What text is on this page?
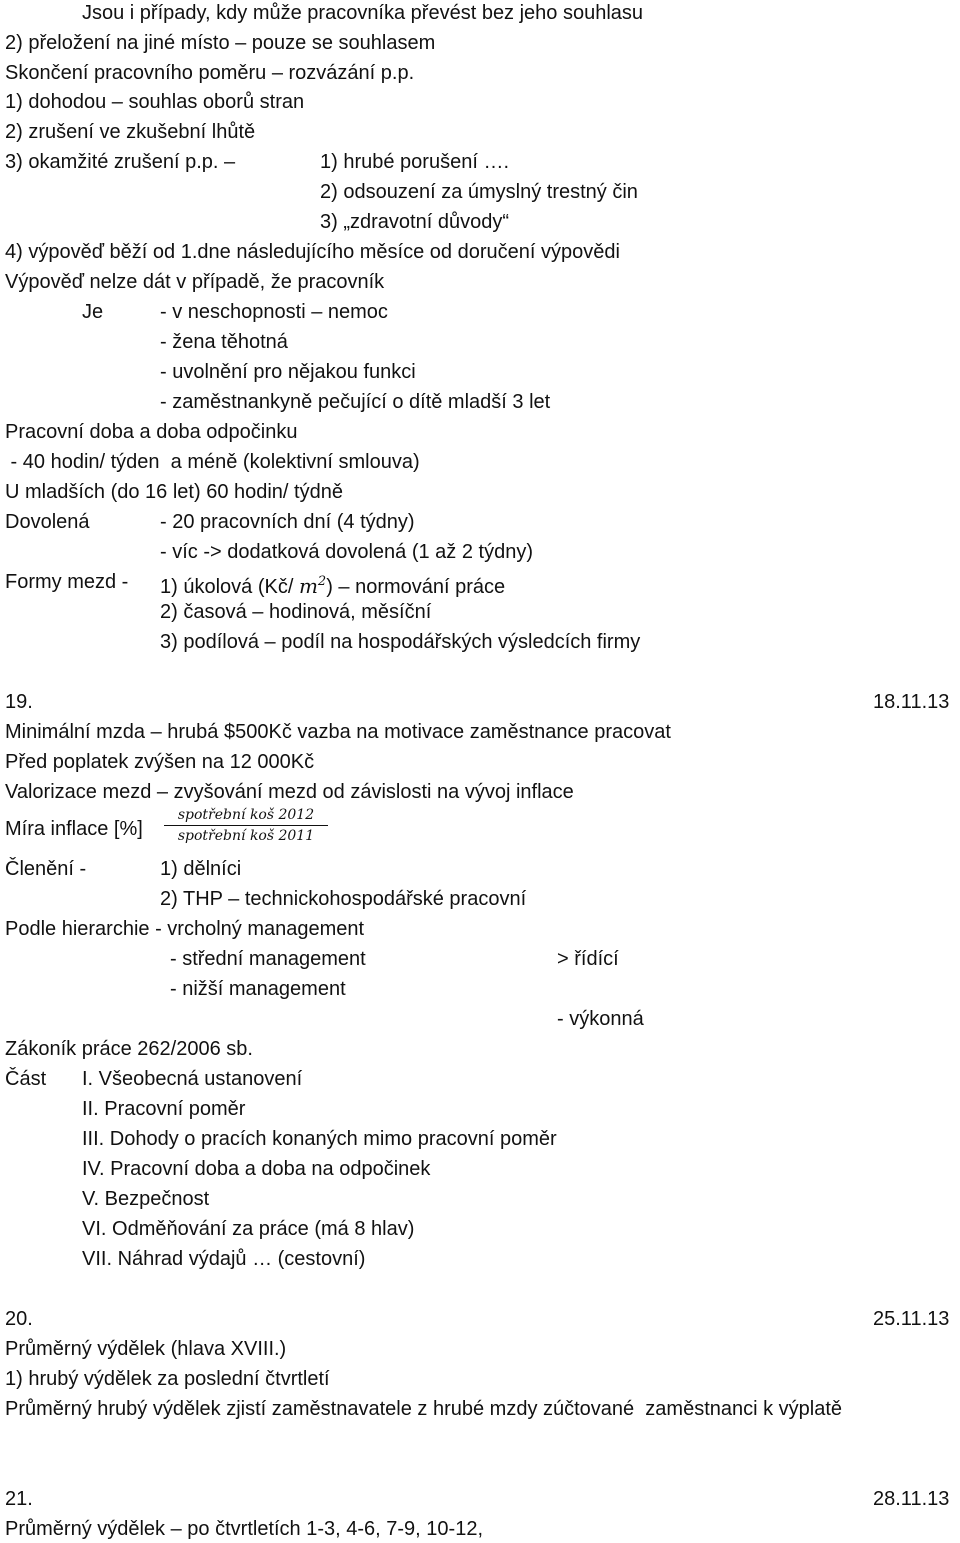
Jsou i případy, kdy může pracovníka převést bez jeho souhlasu
2) přeložení na jiné místo – pouze se souhlasem
Skončení pracovního poměru – rozvázání p.p.
1) dohodou – souhlas oborů stran
2) zrušení ve zkušební lhůtě
3) okamžité zrušení p.p. –	1) hrubé porušení ….
2) odsouzení za úmyslný trestný čin
3) „zdravotní důvody“
4) výpověď běží od 1.dne následujícího měsíce od doručení výpovědi
Výpověď nelze dát v případě, že pracovník
Je	- v neschopnosti – nemoc
- žena těhotná
- uvolnění pro nějakou funkci
- zaměstnankyně pečující o dítě mladší 3 let
Pracovní doba a doba odpočinku
- 40 hodin/ týden  a méně (kolektivní smlouva)
U mladších (do 16 let) 60 hodin/ týdně
Dovolená	- 20 pracovních dní (4 týdny)
- víc -> dodatková dovolená (1 až 2 týdny)
Formy mezd - 1) úkolová (Kč/ $m^2$) – normování práce
2) časová – hodinová, měsíční
3) podílová – podíl na hospodářských výsledcích firmy
19.	18.11.13
Minimální mzda – hrubá $500Kč vazba na motivace zaměstnance pracovat
Před poplatek zvýšen na 12 000Kč
Valorizace mezd – zvyšování mezd od závislosti na vývoj inflace
Míra inflace [%]
spotřební koš 2012
spotřební koš 2011
Členění -	1) dělníci
2) THP – technickohospodářské pracovní
Podle hierarchie - vrcholný management
- střední management	> řídící
- nižší management
- výkonná
Zákoník práce 262/2006 sb.
Část I. Všeobecná ustanovení
II. Pracovní poměr
III. Dohody o pracích konaných mimo pracovní poměr
IV. Pracovní doba a doba na odpočinek
V. Bezpečnost
VI. Odměňování za práce (má 8 hlav)
VII. Náhrad výdajů … (cestovní)
20.	25.11.13
Průměrný výdělek (hlava XVIII.)
1) hrubý výdělek za poslední čtvrtletí
Průměrný hrubý výdělek zjistí zaměstnavatele z hrubé mzdy zúčtované  zaměstnanci k výplatě
21.	28.11.13
Průměrný výdělek – po čtvrtletích 1-3, 4-6, 7-9, 10-12,
